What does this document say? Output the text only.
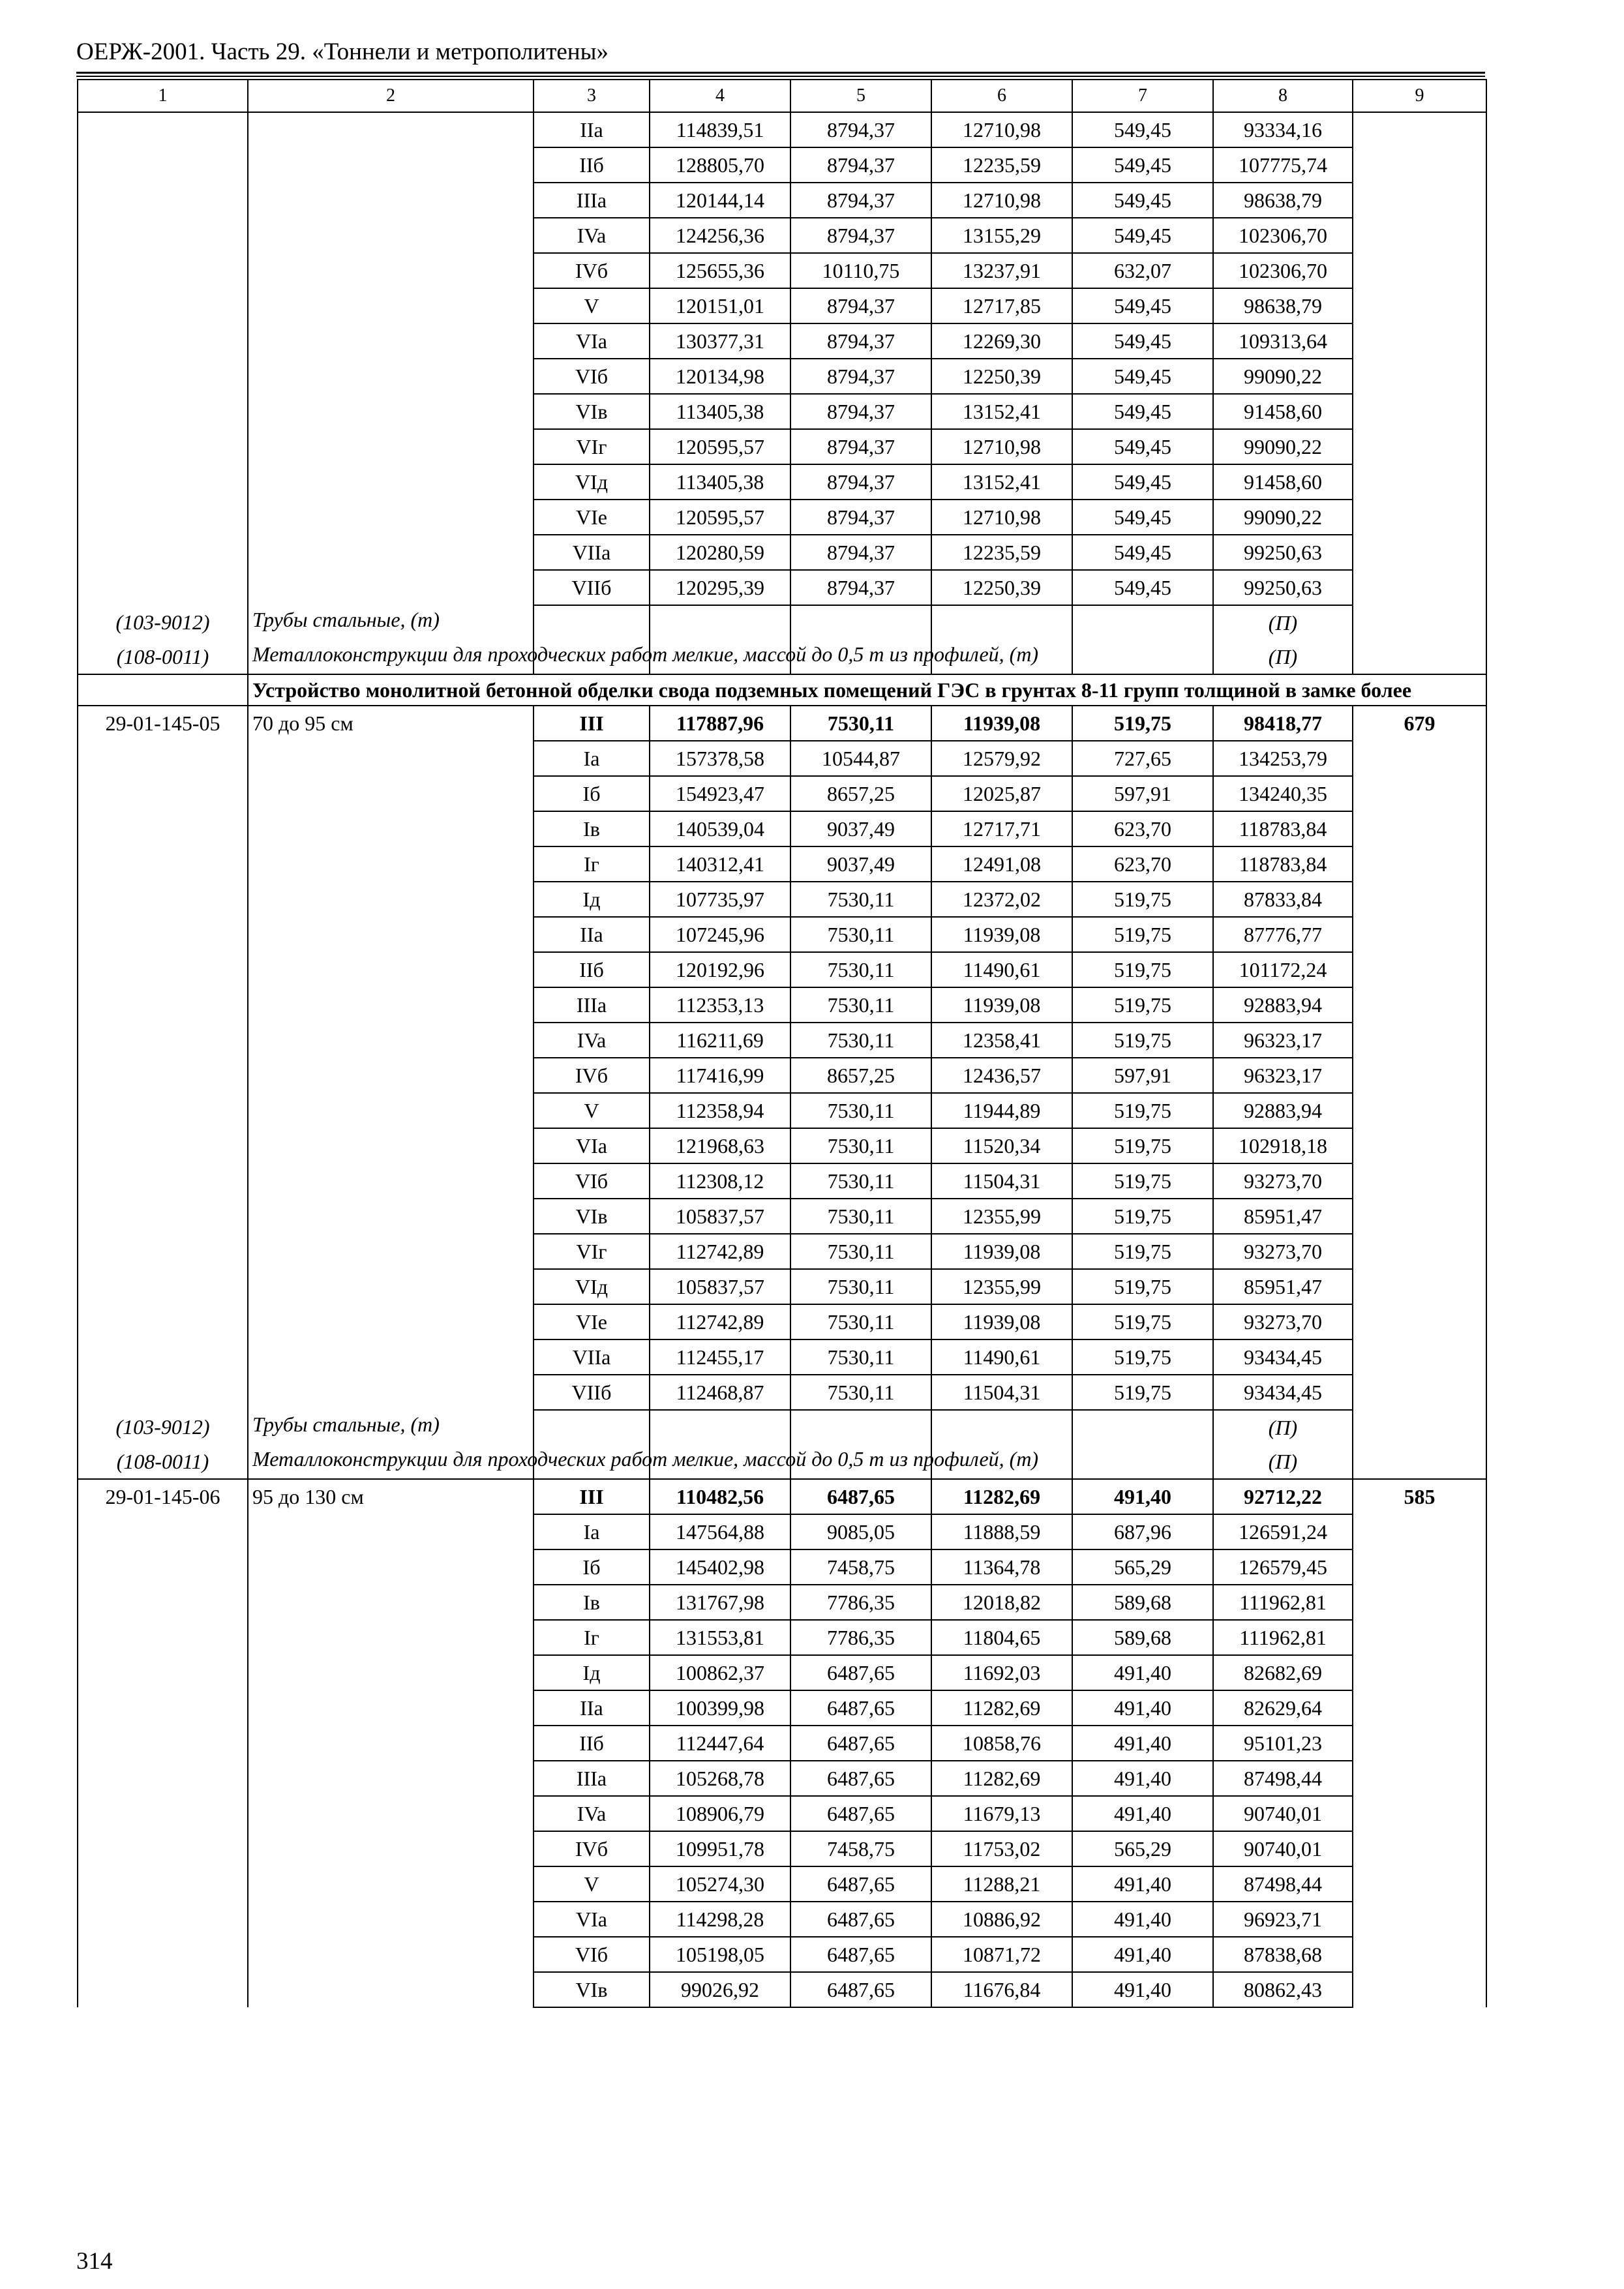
ОЕРЖ-2001. Часть 29. «Тоннели и метрополитены»
1	2	3	4	5	6	7	8	9
		IIa	114839,51	8794,37	12710,98	549,45	93334,16	
		IIб	128805,70	8794,37	12235,59	549,45	107775,74	
		IIIa	120144,14	8794,37	12710,98	549,45	98638,79	
		IVa	124256,36	8794,37	13155,29	549,45	102306,70	
		IVб	125655,36	10110,75	13237,91	632,07	102306,70	
		V	120151,01	8794,37	12717,85	549,45	98638,79	
		VIa	130377,31	8794,37	12269,30	549,45	109313,64	
		VIб	120134,98	8794,37	12250,39	549,45	99090,22	
		VIв	113405,38	8794,37	13152,41	549,45	91458,60	
		VIг	120595,57	8794,37	12710,98	549,45	99090,22	
		VIд	113405,38	8794,37	13152,41	549,45	91458,60	
		VIe	120595,57	8794,37	12710,98	549,45	99090,22	
		VIIa	120280,59	8794,37	12235,59	549,45	99250,63	
		VIIб	120295,39	8794,37	12250,39	549,45	99250,63	
(103-9012)	Трубы стальные, (т)						(П)	
(108-0011)	Металлоконструкции для проходческих работ мелкие, массой до 0,5 т из профилей, (т)						(П)	
	Устройство монолитной бетонной обделки свода подземных помещений ГЭС в грунтах 8-11 групп толщиной в замке более							
29-01-145-05	70 до 95 см	III	117887,96	7530,11	11939,08	519,75	98418,77	679
		Ia	157378,58	10544,87	12579,92	727,65	134253,79	
		Iб	154923,47	8657,25	12025,87	597,91	134240,35	
		Iв	140539,04	9037,49	12717,71	623,70	118783,84	
		Iг	140312,41	9037,49	12491,08	623,70	118783,84	
		Iд	107735,97	7530,11	12372,02	519,75	87833,84	
		IIa	107245,96	7530,11	11939,08	519,75	87776,77	
		IIб	120192,96	7530,11	11490,61	519,75	101172,24	
		IIIa	112353,13	7530,11	11939,08	519,75	92883,94	
		IVa	116211,69	7530,11	12358,41	519,75	96323,17	
		IVб	117416,99	8657,25	12436,57	597,91	96323,17	
		V	112358,94	7530,11	11944,89	519,75	92883,94	
		VIa	121968,63	7530,11	11520,34	519,75	102918,18	
		VIб	112308,12	7530,11	11504,31	519,75	93273,70	
		VIв	105837,57	7530,11	12355,99	519,75	85951,47	
		VIг	112742,89	7530,11	11939,08	519,75	93273,70	
		VIд	105837,57	7530,11	12355,99	519,75	85951,47	
		VIe	112742,89	7530,11	11939,08	519,75	93273,70	
		VIIa	112455,17	7530,11	11490,61	519,75	93434,45	
		VIIб	112468,87	7530,11	11504,31	519,75	93434,45	
(103-9012)	Трубы стальные, (т)						(П)	
(108-0011)	Металлоконструкции для проходческих работ мелкие, массой до 0,5 т из профилей, (т)						(П)	
29-01-145-06	95 до 130 см	III	110482,56	6487,65	11282,69	491,40	92712,22	585
		Ia	147564,88	9085,05	11888,59	687,96	126591,24	
		Iб	145402,98	7458,75	11364,78	565,29	126579,45	
		Iв	131767,98	7786,35	12018,82	589,68	111962,81	
		Iг	131553,81	7786,35	11804,65	589,68	111962,81	
		Iд	100862,37	6487,65	11692,03	491,40	82682,69	
		IIa	100399,98	6487,65	11282,69	491,40	82629,64	
		IIб	112447,64	6487,65	10858,76	491,40	95101,23	
		IIIa	105268,78	6487,65	11282,69	491,40	87498,44	
		IVa	108906,79	6487,65	11679,13	491,40	90740,01	
		IVб	109951,78	7458,75	11753,02	565,29	90740,01	
		V	105274,30	6487,65	11288,21	491,40	87498,44	
		VIa	114298,28	6487,65	10886,92	491,40	96923,71	
		VIб	105198,05	6487,65	10871,72	491,40	87838,68	
		VIв	99026,92	6487,65	11676,84	491,40	80862,43	
314
